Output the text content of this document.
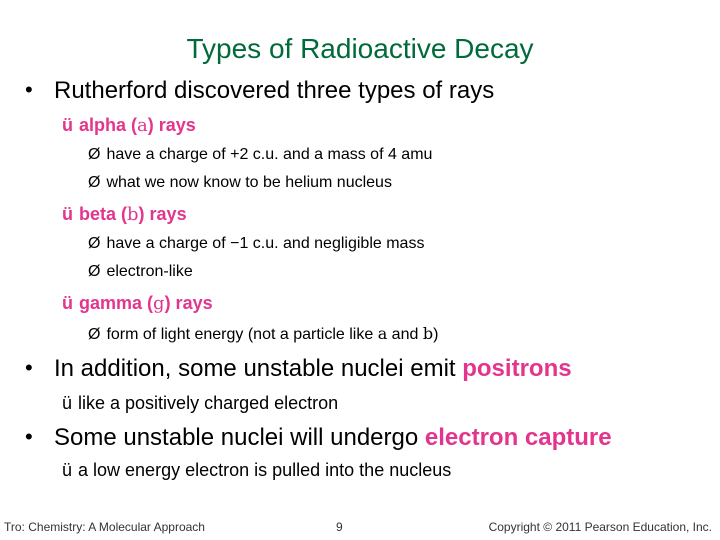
Types of Radioactive Decay
• Rutherford discovered three types of rays
ü alpha (a) rays
Ø have a charge of +2 c.u. and a mass of 4 amu
Ø what we now know to be helium nucleus
ü beta (b) rays
Ø have a charge of −1 c.u. and negligible mass
Ø electron-like
ü gamma (g) rays
Ø form of light energy (not a particle like a and b)
• In addition, some unstable nuclei emit positrons
ü like a positively charged electron
• Some unstable nuclei will undergo electron capture
ü a low energy electron is pulled into the nucleus
Tro: Chemistry: A Molecular Approach	9	Copyright © 2011 Pearson Education, Inc.
